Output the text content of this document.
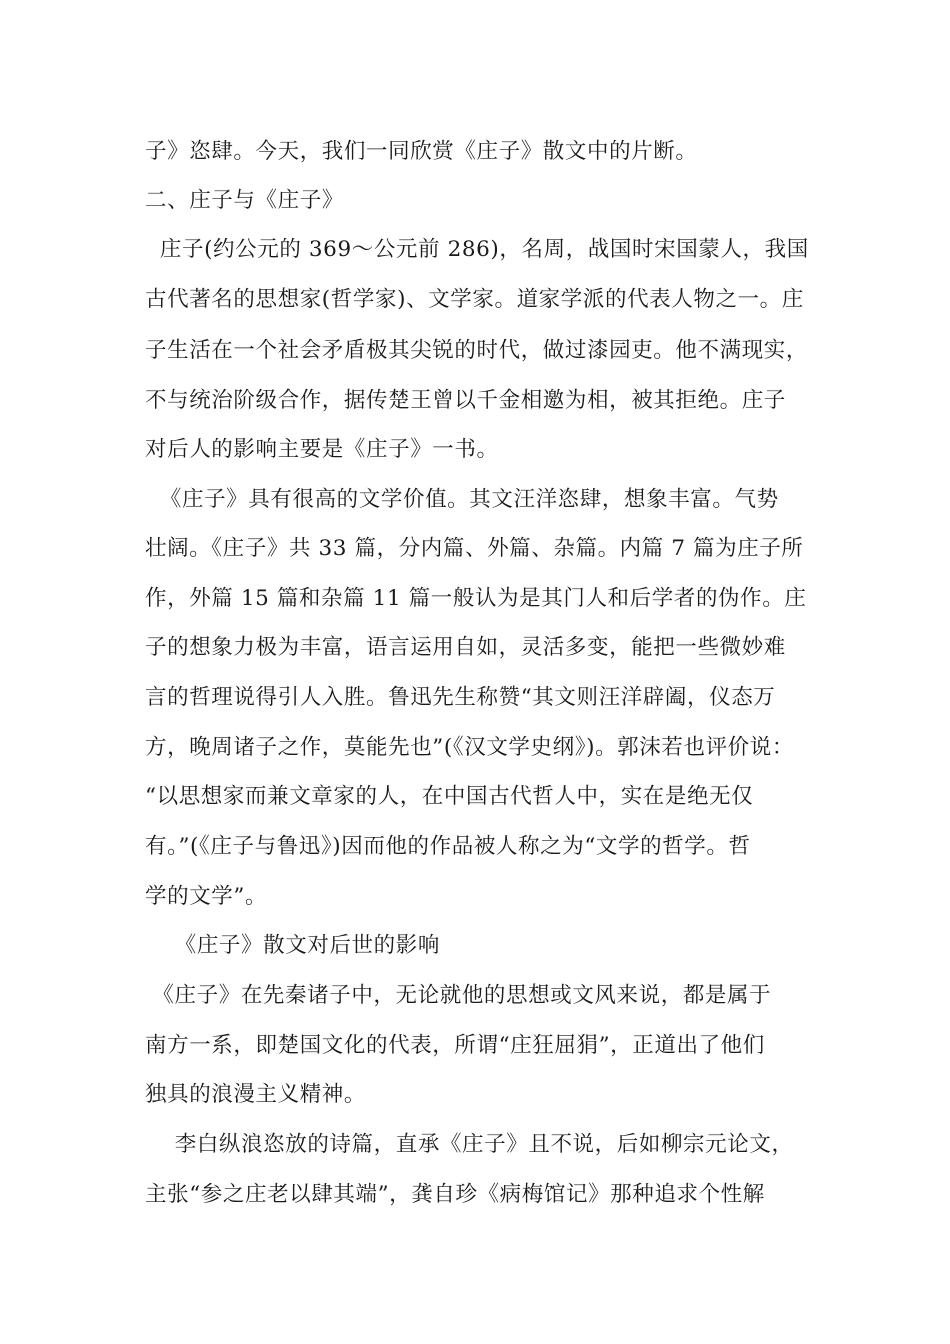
子》恣肆。今天，我们一同欣赏《庄子》散文中的片断。
二、庄子与《庄子》
庄子(约公元的 369～公元前 286)，名周，战国时宋国蒙人，我国
古代著名的思想家(哲学家)、文学家。道家学派的代表人物之一。庄
子生活在一个社会矛盾极其尖锐的时代，做过漆园吏。他不满现实，
不与统治阶级合作，据传楚王曾以千金相邀为相，被其拒绝。庄子
对后人的影响主要是《庄子》一书。
《庄子》具有很高的文学价值。其文汪洋恣肆，想象丰富。气势
壮阔。《庄子》共 33 篇，分内篇、外篇、杂篇。内篇 7 篇为庄子所
作，外篇 15 篇和杂篇 11 篇一般认为是其门人和后学者的伪作。庄
子的想象力极为丰富，语言运用自如，灵活多变，能把一些微妙难
言的哲理说得引人入胜。鲁迅先生称赞“其文则汪洋辟阖，仪态万
方，晚周诸子之作，莫能先也”(《汉文学史纲》)。郭沫若也评价说：
“以思想家而兼文章家的人，在中国古代哲人中，实在是绝无仅
有。”(《庄子与鲁迅》)因而他的作品被人称之为“文学的哲学。哲
学的文学”。
《庄子》散文对后世的影响
《庄子》在先秦诸子中，无论就他的思想或文风来说，都是属于
南方一系，即楚国文化的代表，所谓“庄狂屈狷”，正道出了他们
独具的浪漫主义精神。
李白纵浪恣放的诗篇，直承《庄子》且不说，后如柳宗元论文，
主张“参之庄老以肆其端”，龚自珍《病梅馆记》那种追求个性解
